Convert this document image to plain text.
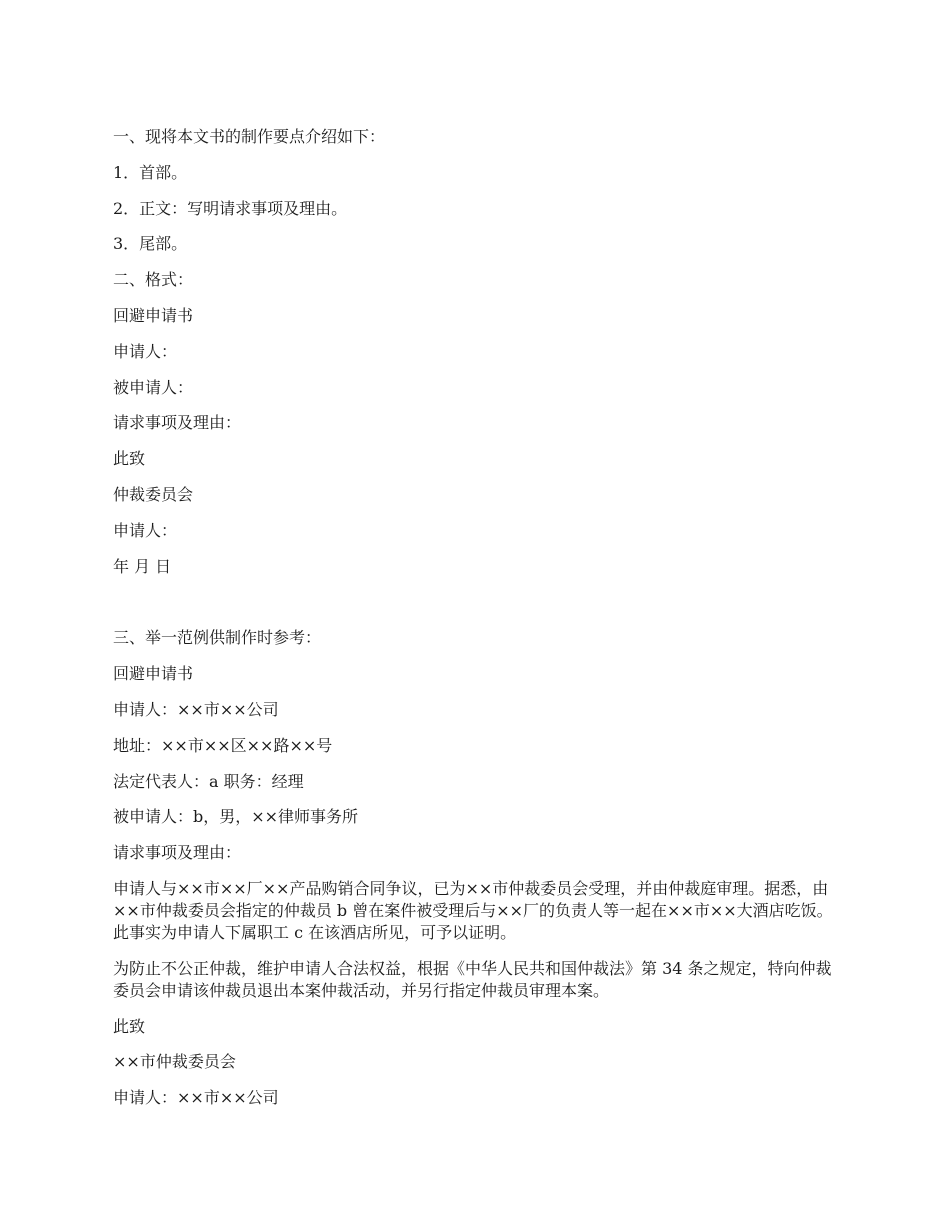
一、现将本文书的制作要点介绍如下：
1．首部。
2．正文：写明请求事项及理由。
3．尾部。
二、格式：
回避申请书
申请人：
被申请人：
请求事项及理由：
此致
仲裁委员会
申请人：
年 月 日
三、举一范例供制作时参考：
回避申请书
申请人：××市××公司
地址：××市××区××路××号
法定代表人：a 职务：经理
被申请人：b，男，××律师事务所
请求事项及理由：
申请人与××市××厂××产品购销合同争议，已为××市仲裁委员会受理，并由仲裁庭审理。据悉，由××市仲裁委员会指定的仲裁员 b 曾在案件被受理后与××厂的负责人等一起在××市××大酒店吃饭。此事实为申请人下属职工 c 在该酒店所见，可予以证明。
为防止不公正仲裁，维护申请人合法权益，根据《中华人民共和国仲裁法》第 34 条之规定，特向仲裁委员会申请该仲裁员退出本案仲裁活动，并另行指定仲裁员审理本案。
此致
××市仲裁委员会
申请人：××市××公司
